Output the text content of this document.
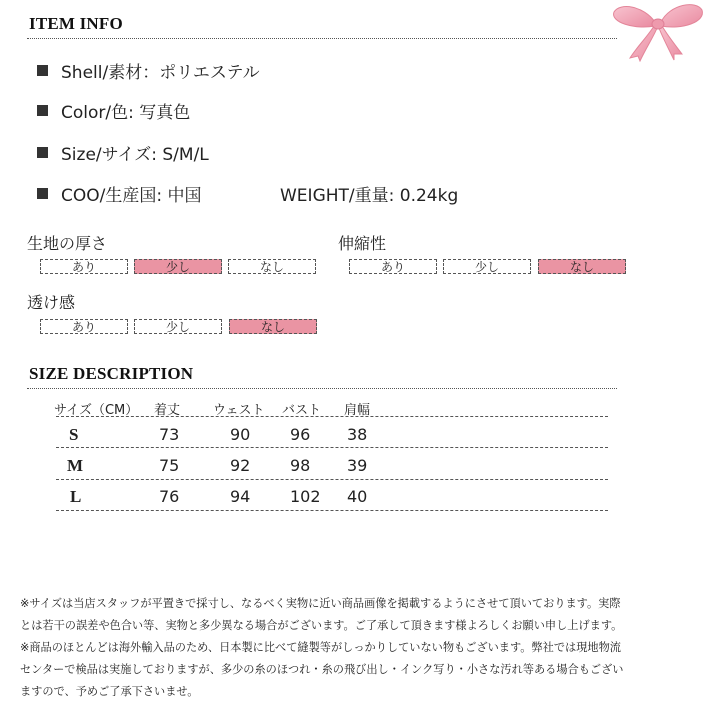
ITEM INFO
Shell/素材：ポリエステル
Color/色: 写真色
Size/サイズ: S/M/L
COO/生産国: 中国	WEIGHT/重量: 0.24kg
生地の厚さ
あり	少し	なし
伸縮性
あり	少し	なし
透け感
あり	少し	なし
SIZE DESCRIPTION
サイズ（CM） 着丈	ウェスト バスト 肩幅
S	73	90 96 38
M	75	92 98 39
L	76	94 102 40
※サイズは当店スタッフが平置きで採寸し、なるべく実物に近い商品画像を掲載するようにさせて頂いております。実際
とは若干の誤差や色合い等、実物と多少異なる場合がございます。ご了承して頂きます様よろしくお願い申し上げます。
※商品のほとんどは海外輸入品のため、日本製に比べて縫製等がしっかりしていない物もございます。弊社では現地物流
センターで検品は実施しておりますが、多少の糸のほつれ・糸の飛び出し・インク写り・小さな汚れ等ある場合もござい
ますので、予めご了承下さいませ。
